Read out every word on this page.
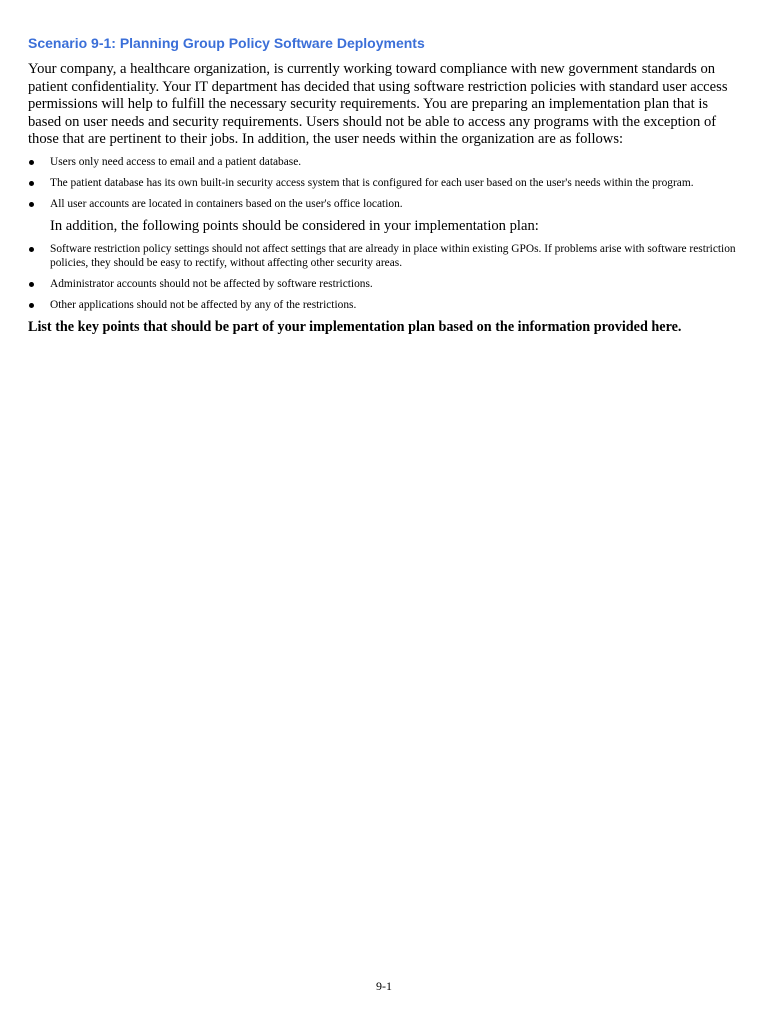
Scenario 9-1: Planning Group Policy Software Deployments

Your company, a healthcare organization, is currently working toward compliance with new government standards on patient confidentiality. Your IT department has decided that using software restriction policies with standard user access permissions will help to fulfill the necessary security requirements. You are preparing an implementation plan that is based on user needs and security requirements. Users should not be able to access any programs with the exception of those that are pertinent to their jobs. In addition, the user needs within the organization are as follows:

Users only need access to email and a patient database.
The patient database has its own built-in security access system that is configured for each user based on the user's needs within the program.
All user accounts are located in containers based on the user's office location.

In addition, the following points should be considered in your implementation plan:

Software restriction policy settings should not affect settings that are already in place within existing GPOs. If problems arise with software restriction policies, they should be easy to rectify, without affecting other security areas.
Administrator accounts should not be affected by software restrictions.
Other applications should not be affected by any of the restrictions.

List the key points that should be part of your implementation plan based on the information provided here.

9-1
